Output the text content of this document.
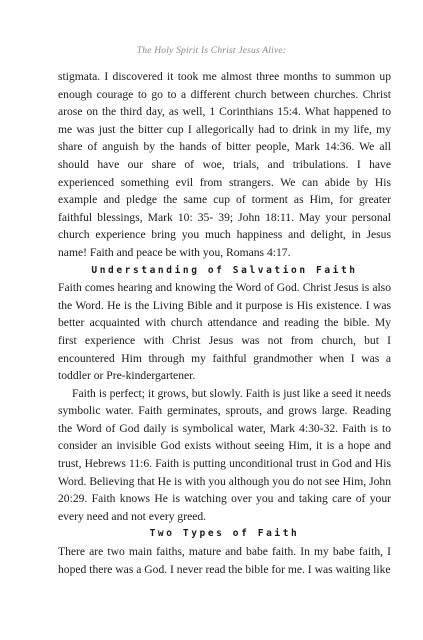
The Holy Spirit Is Christ Jesus Alive:

stigmata. I discovered it took me almost three months to summon up enough courage to go to a different church between churches. Christ arose on the third day, as well, 1 Corinthians 15:4. What happened to me was just the bitter cup I allegorically had to drink in my life, my share of anguish by the hands of bitter people, Mark 14:36. We all should have our share of woe, trials, and tribulations. I have experienced something evil from strangers. We can abide by His example and pledge the same cup of torment as Him, for greater faithful blessings, Mark 10: 35- 39; John 18:11. May your personal church experience bring you much happiness and delight, in Jesus name! Faith and peace be with you, Romans 4:17.

Understanding of Salvation Faith

Faith comes hearing and knowing the Word of God. Christ Jesus is also the Word. He is the Living Bible and it purpose is His existence. I was better acquainted with church attendance and reading the bible. My first experience with Christ Jesus was not from church, but I encountered Him through my faithful grandmother when I was a toddler or Pre-kindergartener.

Faith is perfect; it grows, but slowly. Faith is just like a seed it needs symbolic water. Faith germinates, sprouts, and grows large. Reading the Word of God daily is symbolical water, Mark 4:30-32. Faith is to consider an invisible God exists without seeing Him, it is a hope and trust, Hebrews 11:6. Faith is putting unconditional trust in God and His Word. Believing that He is with you although you do not see Him, John 20:29. Faith knows He is watching over you and taking care of your every need and not every greed.

Two Types of Faith

There are two main faiths, mature and babe faith. In my babe faith, I hoped there was a God. I never read the bible for me. I was waiting like
